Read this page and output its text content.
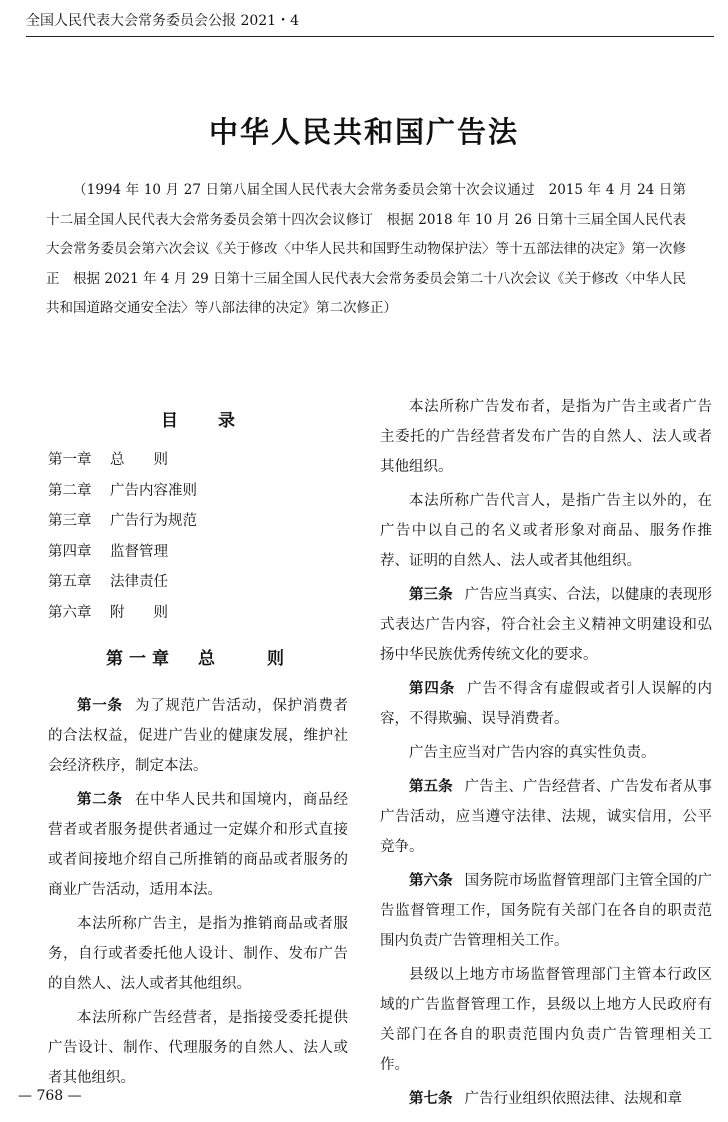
全国人民代表大会常务委员会公报 2021・4
中华人民共和国广告法

（1994 年 10 月 27 日第八届全国人民代表大会常务委员会第十次会议通过　2015 年 4 月 24 日第十二届全国人民代表大会常务委员会第十四次会议修订　根据 2018 年 10 月 26 日第十三届全国人民代表大会常务委员会第六次会议《关于修改〈中华人民共和国野生动物保护法〉等十五部法律的决定》第一次修正　根据 2021 年 4 月 29 日第十三届全国人民代表大会常务委员会第二十八次会议《关于修改〈中华人民共和国道路交通安全法〉等八部法律的决定》第二次修正）

目录
第一章 总　　则
第二章 广告内容准则
第三章 广告行为规范
第四章 监督管理
第五章 法律责任
第六章 附　　则
第一章　总　　则

第一条 为了规范广告活动，保护消费者的合法权益，促进广告业的健康发展，维护社会经济秩序，制定本法。

第二条 在中华人民共和国境内，商品经营者或者服务提供者通过一定媒介和形式直接或者间接地介绍自己所推销的商品或者服务的商业广告活动，适用本法。

本法所称广告主，是指为推销商品或者服务，自行或者委托他人设计、制作、发布广告的自然人、法人或者其他组织。

本法所称广告经营者，是指接受委托提供广告设计、制作、代理服务的自然人、法人或者其他组织。

本法所称广告发布者，是指为广告主或者广告主委托的广告经营者发布广告的自然人、法人或者其他组织。

本法所称广告代言人，是指广告主以外的，在广告中以自己的名义或者形象对商品、服务作推荐、证明的自然人、法人或者其他组织。

第三条 广告应当真实、合法，以健康的表现形式表达广告内容，符合社会主义精神文明建设和弘扬中华民族优秀传统文化的要求。

第四条 广告不得含有虚假或者引人误解的内容，不得欺骗、误导消费者。

广告主应当对广告内容的真实性负责。

第五条 广告主、广告经营者、广告发布者从事广告活动，应当遵守法律、法规，诚实信用，公平竞争。

第六条 国务院市场监督管理部门主管全国的广告监督管理工作，国务院有关部门在各自的职责范围内负责广告管理相关工作。

县级以上地方市场监督管理部门主管本行政区域的广告监督管理工作，县级以上地方人民政府有关部门在各自的职责范围内负责广告管理相关工作。

第七条 广告行业组织依照法律、法规和章

— 768 —
